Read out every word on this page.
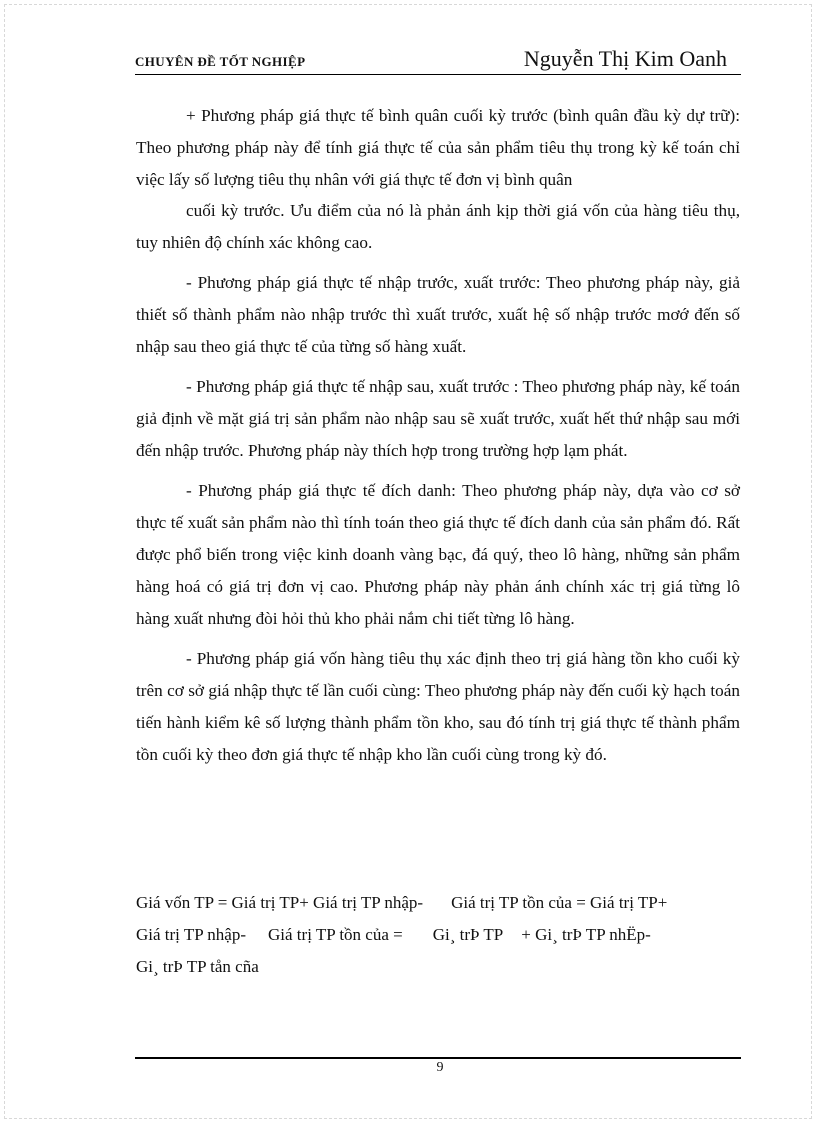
CHUYÊN ĐỀ TỐT NGHIỆP	Nguyễn Thị Kim Oanh

+ Phương pháp giá thực tế bình quân cuối kỳ trước (bình quân đầu kỳ dự trữ): Theo phương pháp này để tính giá thực tế của sản phẩm tiêu thụ trong kỳ kế toán chỉ việc lấy số lượng tiêu thụ nhân với giá thực tế đơn vị bình quân

cuối kỳ trước. Ưu điểm của nó là phản ánh kịp thời giá vốn của hàng tiêu thụ, tuy nhiên độ chính xác không cao.

- Phương pháp giá thực tế nhập trước, xuất trước: Theo phương pháp này, giả thiết số thành phẩm nào nhập trước thì xuất trước, xuất hệ số nhập trước mơớ đến số nhập sau theo giá thực tế của từng số hàng xuất.

- Phương pháp giá thực tế nhập sau, xuất trước : Theo phương pháp này, kế toán giả định về mặt giá trị sản phẩm nào nhập sau sẽ xuất trước, xuất hết thứ nhập sau mới đến nhập trước. Phương pháp này thích hợp trong trường hợp lạm phát.

- Phương pháp giá thực tế đích danh: Theo phương pháp này, dựa vào cơ sở thực tế xuất sản phẩm nào thì tính toán theo giá thực tế đích danh của sản phẩm đó. Rất được phổ biến trong việc kinh doanh vàng bạc, đá quý, theo lô hàng, những sản phẩm hàng hoá có giá trị đơn vị cao. Phương pháp này phản ánh chính xác trị giá từng lô hàng xuất nhưng đòi hỏi thủ kho phải nắm chi tiết từng lô hàng.

- Phương pháp giá vốn hàng tiêu thụ xác định theo trị giá hàng tồn kho cuối kỳ trên cơ sở giá nhập thực tế lần cuối cùng: Theo phương pháp này đến cuối kỳ hạch toán tiến hành kiểm kê số lượng thành phẩm tồn kho, sau đó tính trị giá thực tế thành phẩm tồn cuối kỳ theo đơn giá thực tế nhập kho lần cuối cùng trong kỳ đó.

Giá vốn TP = Giá trị TP+ Giá trị TP nhập- Giá trị TP tồn của = Giá trị TP+
Giá trị TP nhập- Giá trị TP tồn của = Gi¸ trÞ TP + Gi¸ trÞ TP nhËp-
Gi¸ trÞ TP tån cña
9
